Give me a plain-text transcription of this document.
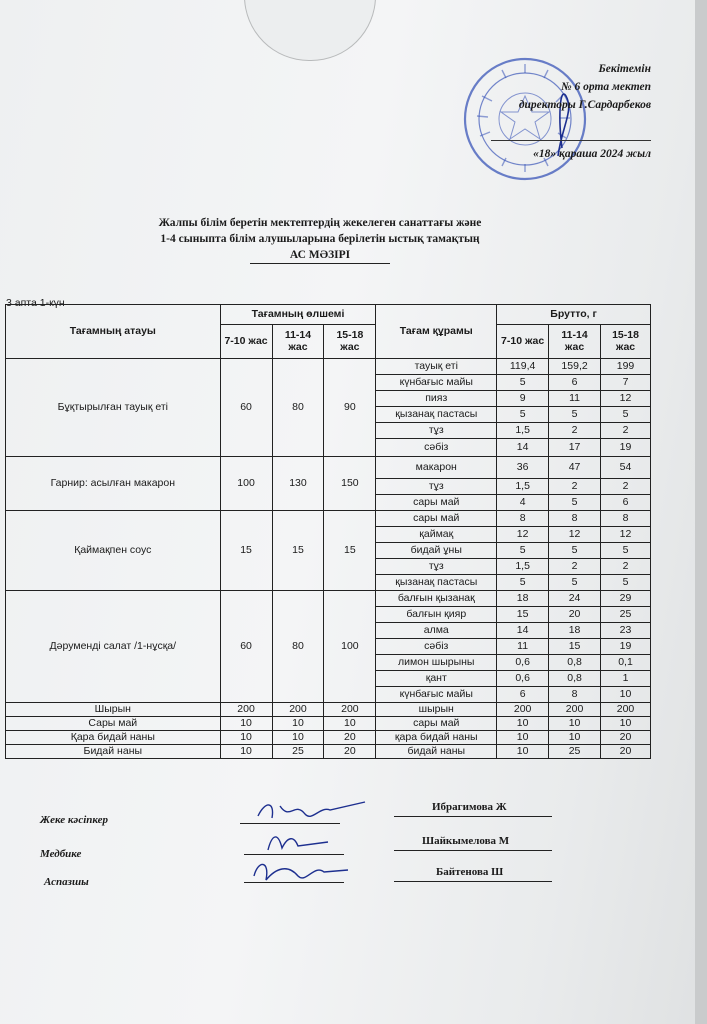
Бекітемін
№ 6 орта мектеп
директоры Г.Сардарбеков
«18» қараша 2024 жыл
Жалпы білім беретін мектептердің жекелеген санаттағы және
1-4 сыныпта білім алушыларына берілетін ыстық тамақтың
АС МӘЗІРІ
3 апта 1-күн

Тағамның атауы	Тағамның өлшемі			Тағам құрамы	Брутто, г		
	7-10 жас	11-14 жас	15-18 жас		7-10 жас	11-14 жас	15-18 жас
Бұқтырылған тауық еті	60	80	90	тауық еті	119,4	159,2	199
				күнбағыс майы	5	6	7
				пияз	9	11	12
				қызанақ пастасы	5	5	5
				тұз	1,5	2	2
				сәбіз	14	17	19
Гарнир: асылған макарон	100	130	150	макарон	36	47	54
				тұз	1,5	2	2
				сары май	4	5	6
Қаймақпен соус	15	15	15	сары май	8	8	8
				қаймақ	12	12	12
				бидай ұны	5	5	5
				тұз	1,5	2	2
				қызанақ пастасы	5	5	5
Дәруменді салат /1-нұсқа/	60	80	100	балғын қызанақ	18	24	29
				балғын қияр	15	20	25
				алма	14	18	23
				сәбіз	11	15	19
				лимон шырыны	0,6	0,8	0,1
				қант	0,6	0,8	1
				күнбағыс майы	6	8	10
Шырын	200	200	200	шырын	200	200	200
Сары май	10	10	10	сары май	10	10	10
Қара бидай наны	10	10	20	қара бидай наны	10	10	20
Бидай наны	10	25	20	бидай наны	10	25	20
Жеке кәсіпкер
Ибрагимова Ж
Медбике
Шайкымелова М
Аспазшы
Байтенова Ш
